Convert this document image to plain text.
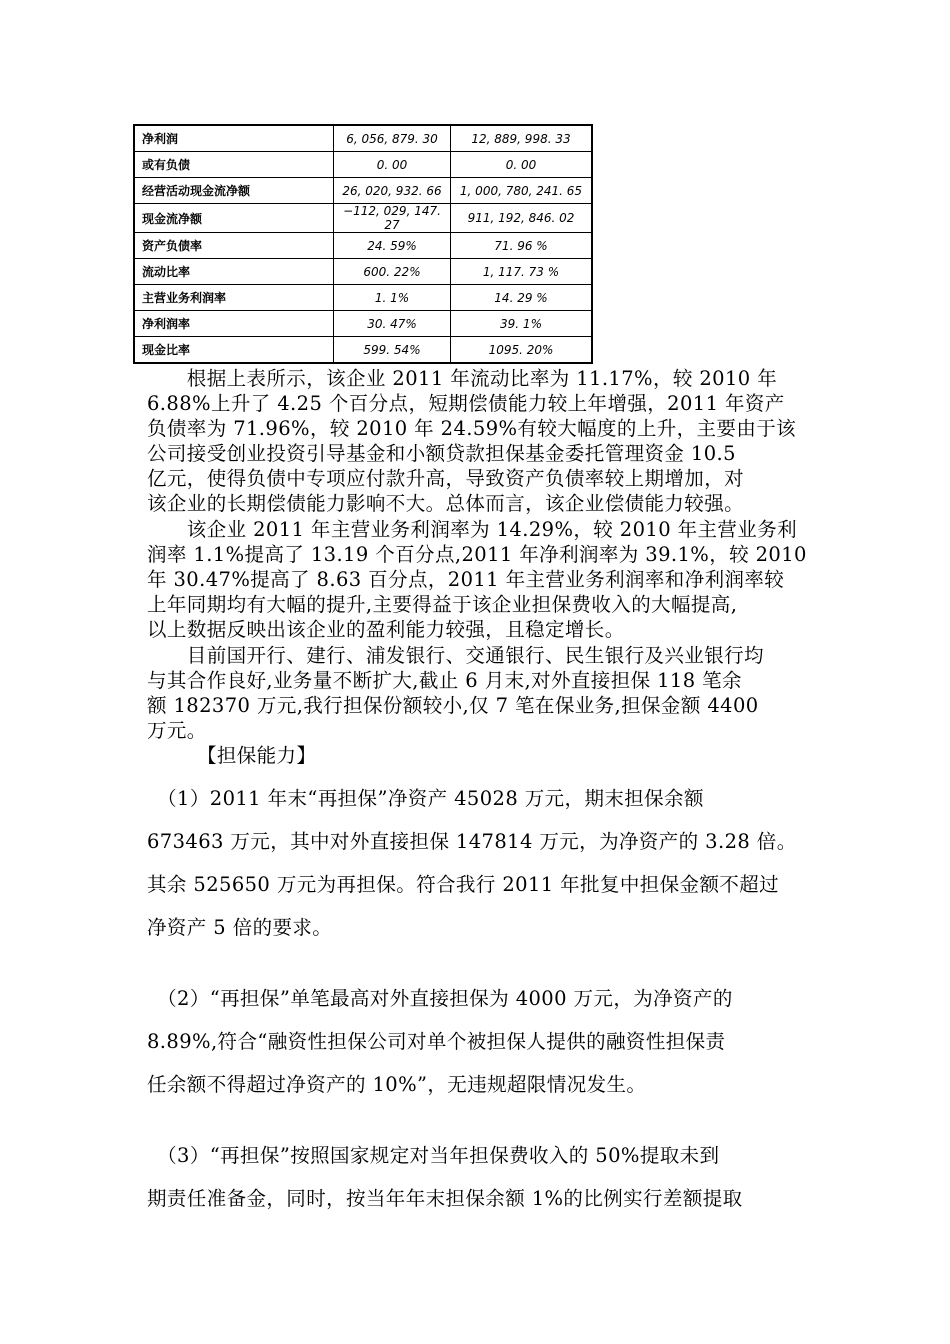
净利润	6, 056, 879. 30	12, 889, 998. 33
或有负债	0. 00	0. 00
经营活动现金流净额	26, 020, 932. 66	1, 000, 780, 241. 65
现金流净额	−112, 029, 147. 27	911, 192, 846. 02
资产负债率	24. 59%	71. 96 %
流动比率	600. 22%	1, 117. 73 %
主营业务利润率	1. 1%	14. 29 %
净利润率	30. 47%	39. 1%
现金比率	599. 54%	1095. 20%
　　根据上表所示，该企业 2011 年流动比率为 11.17%，较 2010 年
6.88%上升了 4.25 个百分点，短期偿债能力较上年增强，2011 年资产
负债率为 71.96%，较 2010 年 24.59%有较大幅度的上升，主要由于该
公司接受创业投资引导基金和小额贷款担保基金委托管理资金 10.5
亿元，使得负债中专项应付款升高，导致资产负债率较上期增加，对
该企业的长期偿债能力影响不大。总体而言，该企业偿债能力较强。
　　该企业 2011 年主营业务利润率为 14.29%，较 2010 年主营业务利
润率 1.1%提高了 13.19 个百分点,2011 年净利润率为 39.1%，较 2010
年 30.47%提高了 8.63 百分点，2011 年主营业务利润率和净利润率较
上年同期均有大幅的提升,主要得益于该企业担保费收入的大幅提高,
以上数据反映出该企业的盈利能力较强，且稳定增长。
　　目前国开行、建行、浦发银行、交通银行、民生银行及兴业银行均
与其合作良好,业务量不断扩大,截止 6 月末,对外直接担保 118 笔余
额 182370 万元,我行担保份额较小,仅 7 笔在保业务,担保金额 4400
万元。
　　　【担保能力】
　（1）2011 年末“再担保”净资产 45028 万元，期末担保余额
673463 万元，其中对外直接担保 147814 万元，为净资产的 3.28 倍。
其余 525650 万元为再担保。符合我行 2011 年批复中担保金额不超过
净资产 5 倍的要求。
　（2）“再担保”单笔最高对外直接担保为 4000 万元，为净资产的
8.89%,符合“融资性担保公司对单个被担保人提供的融资性担保责
任余额不得超过净资产的 10%”，无违规超限情况发生。
　（3）“再担保”按照国家规定对当年担保费收入的 50%提取未到
期责任准备金，同时，按当年年末担保余额 1%的比例实行差额提取
